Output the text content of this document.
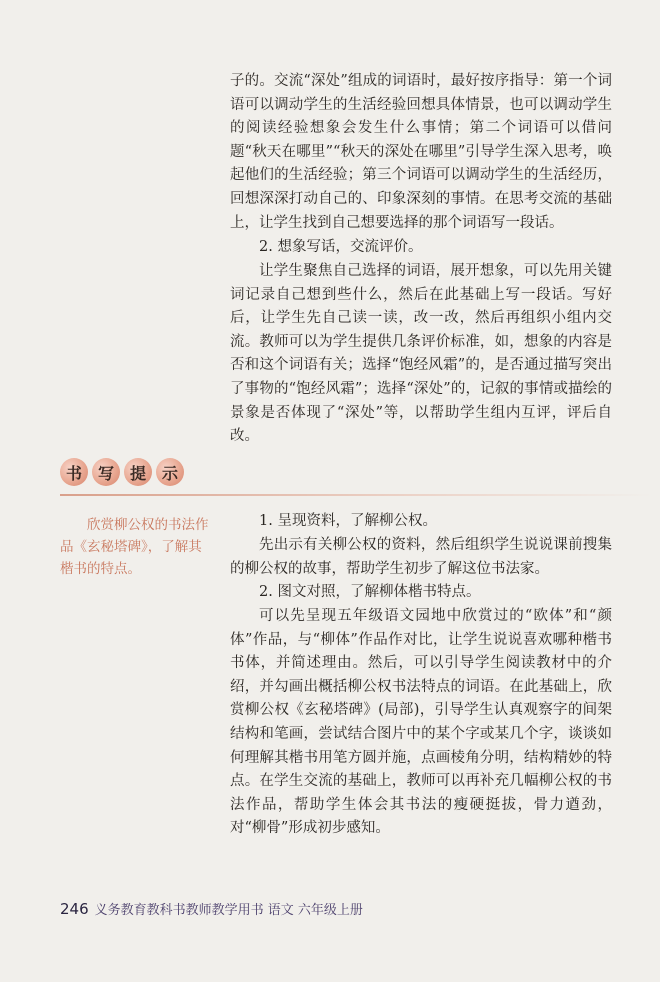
子的。交流“深处”组成的词语时，最好按序指导：第一个词语可以调动学生的生活经验回想具体情景，也可以调动学生的阅读经验想象会发生什么事情；第二个词语可以借问题“秋天在哪里”“秋天的深处在哪里”引导学生深入思考，唤起他们的生活经验；第三个词语可以调动学生的生活经历，回想深深打动自己的、印象深刻的事情。在思考交流的基础上，让学生找到自己想要选择的那个词语写一段话。

2. 想象写话，交流评价。

让学生聚焦自己选择的词语，展开想象，可以先用关键词记录自己想到些什么，然后在此基础上写一段话。写好后，让学生先自己读一读，改一改，然后再组织小组内交流。教师可以为学生提供几条评价标准，如，想象的内容是否和这个词语有关；选择“饱经风霜”的，是否通过描写突出了事物的“饱经风霜”；选择“深处”的，记叙的事情或描绘的景象是否体现了“深处”等，以帮助学生组内互评，评后自改。

书 写 提 示

欣赏柳公权的书法作品《玄秘塔碑》，了解其楷书的特点。

1. 呈现资料，了解柳公权。

先出示有关柳公权的资料，然后组织学生说说课前搜集的柳公权的故事，帮助学生初步了解这位书法家。

2. 图文对照，了解柳体楷书特点。

可以先呈现五年级语文园地中欣赏过的“欧体”和“颜体”作品，与“柳体”作品作对比，让学生说说喜欢哪种楷书书体，并简述理由。然后，可以引导学生阅读教材中的介绍，并勾画出概括柳公权书法特点的词语。在此基础上，欣赏柳公权《玄秘塔碑》(局部)，引导学生认真观察字的间架结构和笔画，尝试结合图片中的某个字或某几个字，谈谈如何理解其楷书用笔方圆并施，点画棱角分明，结构精妙的特点。在学生交流的基础上，教师可以再补充几幅柳公权的书法作品，帮助学生体会其书法的瘦硬挺拔，骨力遒劲，对“柳骨”形成初步感知。

246 义务教育教科书教师教学用书 语文 六年级上册
